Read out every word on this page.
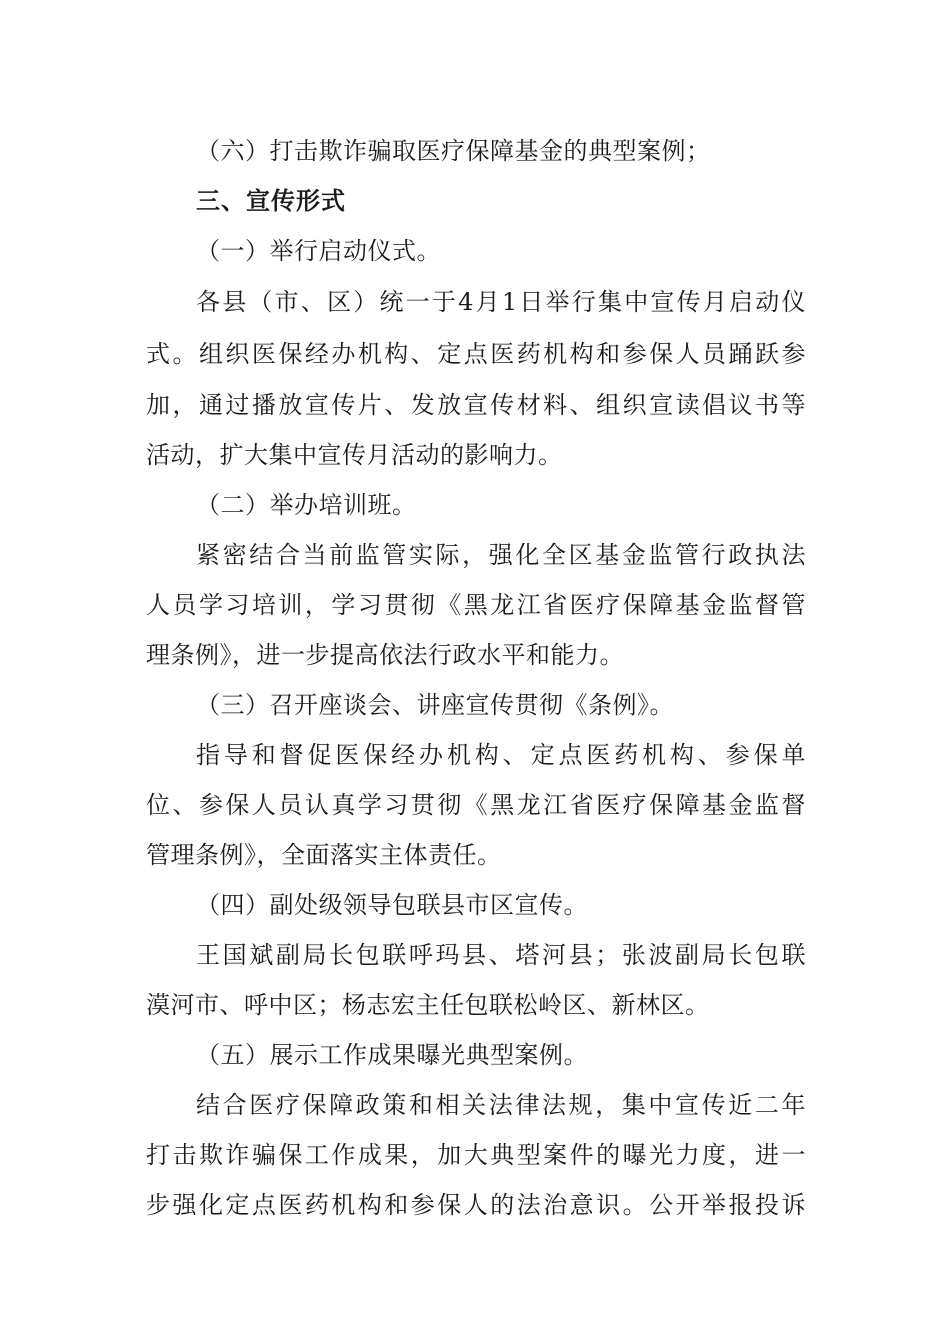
（六）打击欺诈骗取医疗保障基金的典型案例；
三、宣传形式
（一）举行启动仪式。
各县（市、区）统一于4月1日举行集中宣传月启动仪
式。组织医保经办机构、定点医药机构和参保人员踊跃参
加，通过播放宣传片、发放宣传材料、组织宣读倡议书等
活动，扩大集中宣传月活动的影响力。
（二）举办培训班。
紧密结合当前监管实际，强化全区基金监管行政执法
人员学习培训，学习贯彻《黑龙江省医疗保障基金监督管
理条例》，进一步提高依法行政水平和能力。
（三）召开座谈会、讲座宣传贯彻《条例》。
指导和督促医保经办机构、定点医药机构、参保单
位、参保人员认真学习贯彻《黑龙江省医疗保障基金监督
管理条例》，全面落实主体责任。
（四）副处级领导包联县市区宣传。
王国斌副局长包联呼玛县、塔河县；张波副局长包联
漠河市、呼中区；杨志宏主任包联松岭区、新林区。
（五）展示工作成果曝光典型案例。
结合医疗保障政策和相关法律法规，集中宣传近二年
打击欺诈骗保工作成果，加大典型案件的曝光力度，进一
步强化定点医药机构和参保人的法治意识。公开举报投诉
